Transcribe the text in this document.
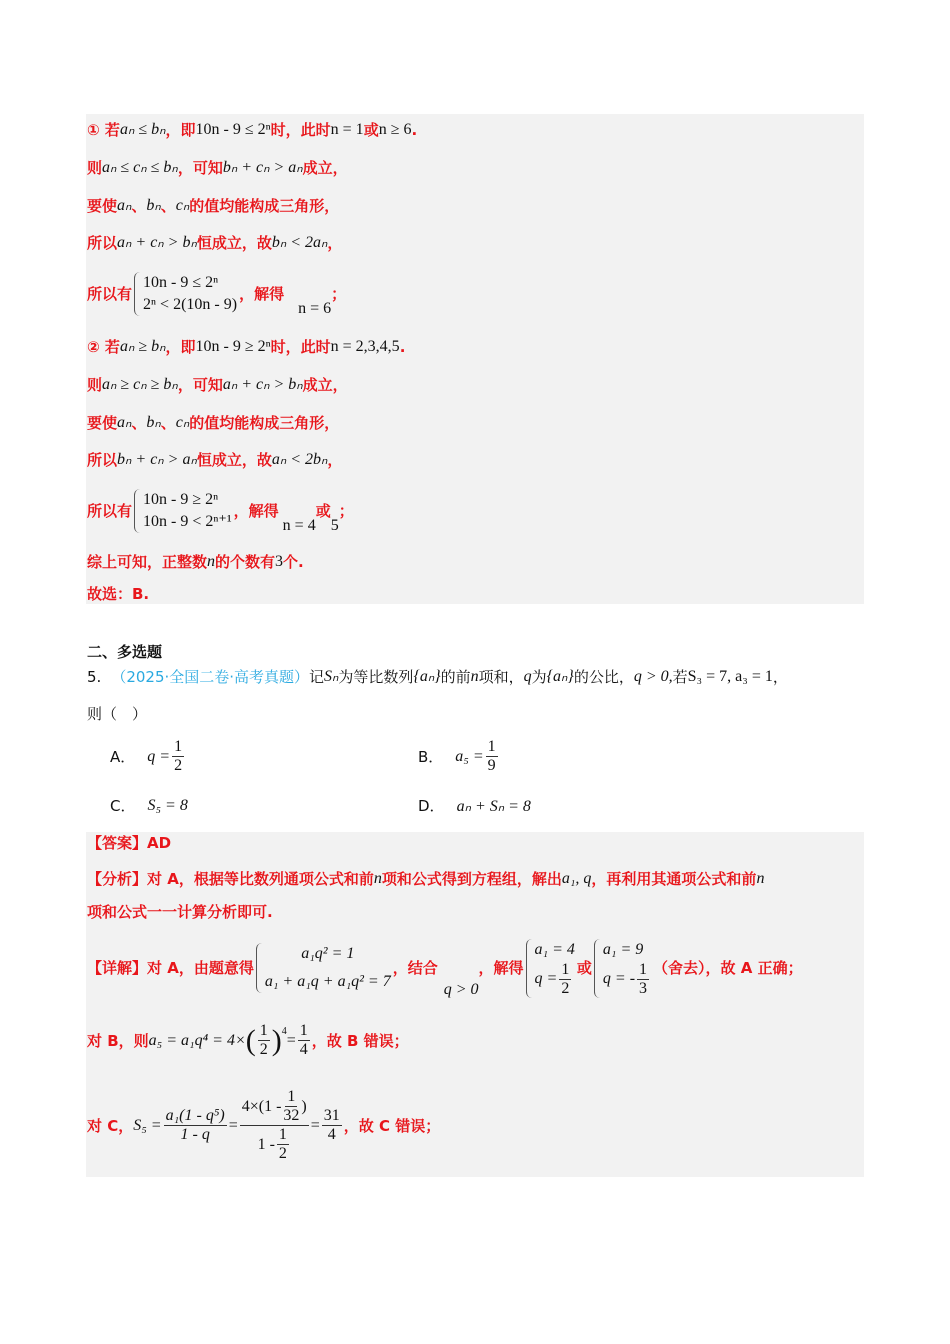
① 若 aₙ ≤ bₙ ，即 10n - 9 ≤ 2ⁿ 时，此时 n = 1 或 n ≥ 6 .
则 aₙ ≤ cₙ ≤ bₙ ，可知 bₙ + cₙ > aₙ 成立，
要使 aₙ 、 bₙ 、 cₙ 的值均能构成三角形，
所以 aₙ + cₙ > bₙ 恒成立，故 bₙ < 2aₙ ，
所以有
10n - 9 ≤ 2ⁿ
2ⁿ < 2(10n - 9)
，解得
n = 6
；
② 若 aₙ ≥ bₙ ，即 10n - 9 ≥ 2ⁿ 时，此时 n = 2,3,4,5 .
则 aₙ ≥ cₙ ≥ bₙ ，可知 aₙ + cₙ > bₙ 成立，
要使 aₙ 、 bₙ 、 cₙ 的值均能构成三角形，
所以 bₙ + cₙ > aₙ 恒成立，故 aₙ < 2bₙ ，
所以有
10n - 9 ≥ 2ⁿ
10n - 9 < 2ⁿ⁺¹
，解得
n = 4
或
5
；
综上可知，正整数 n 的个数有 3 个.
故选：B.
二、多选题
5. （2025·全国二卷·高考真题） 记 Sₙ 为等比数列 {aₙ} 的前 n 项和， q 为 {aₙ} 的公比， q > 0, 若 S₃ = 7, a₃ = 1 ，
则（　）
A． $q = \frac{1}{2}$	B． $a_5 = \frac{1}{9}$
C． S₅ = 8	D． aₙ + Sₙ = 8
【答案】AD
【分析】对 A，根据等比数列通项公式和前 n 项和公式得到方程组，解出 a₁, q ，再利用其通项公式和前 n
项和公式一一计算分析即可.
【详解】对 A，由题意得
a₁q² = 1
a₁ + a₁q + a₁q² = 7
，结合
q > 0
，解得
a₁ = 4
$q = \frac{1}{2}$ 或
a₁ = 9
q = - $\frac{1}{3}$ （舍去），故 A 正确；
对 B，则 a₅ = a₁q⁴ = 4× ( $\frac{1}{2} )^4 = \frac{1}{4}$ ，故 B 错误；
对 C， $S_5 = \frac{\text{a₁(1 - q⁵)}}{1 - q} = \frac{4\times(1 - \frac{1}{32} )}{1 - \frac{1}{2}} = \frac{31}{4}$ ，故 C 错误；
